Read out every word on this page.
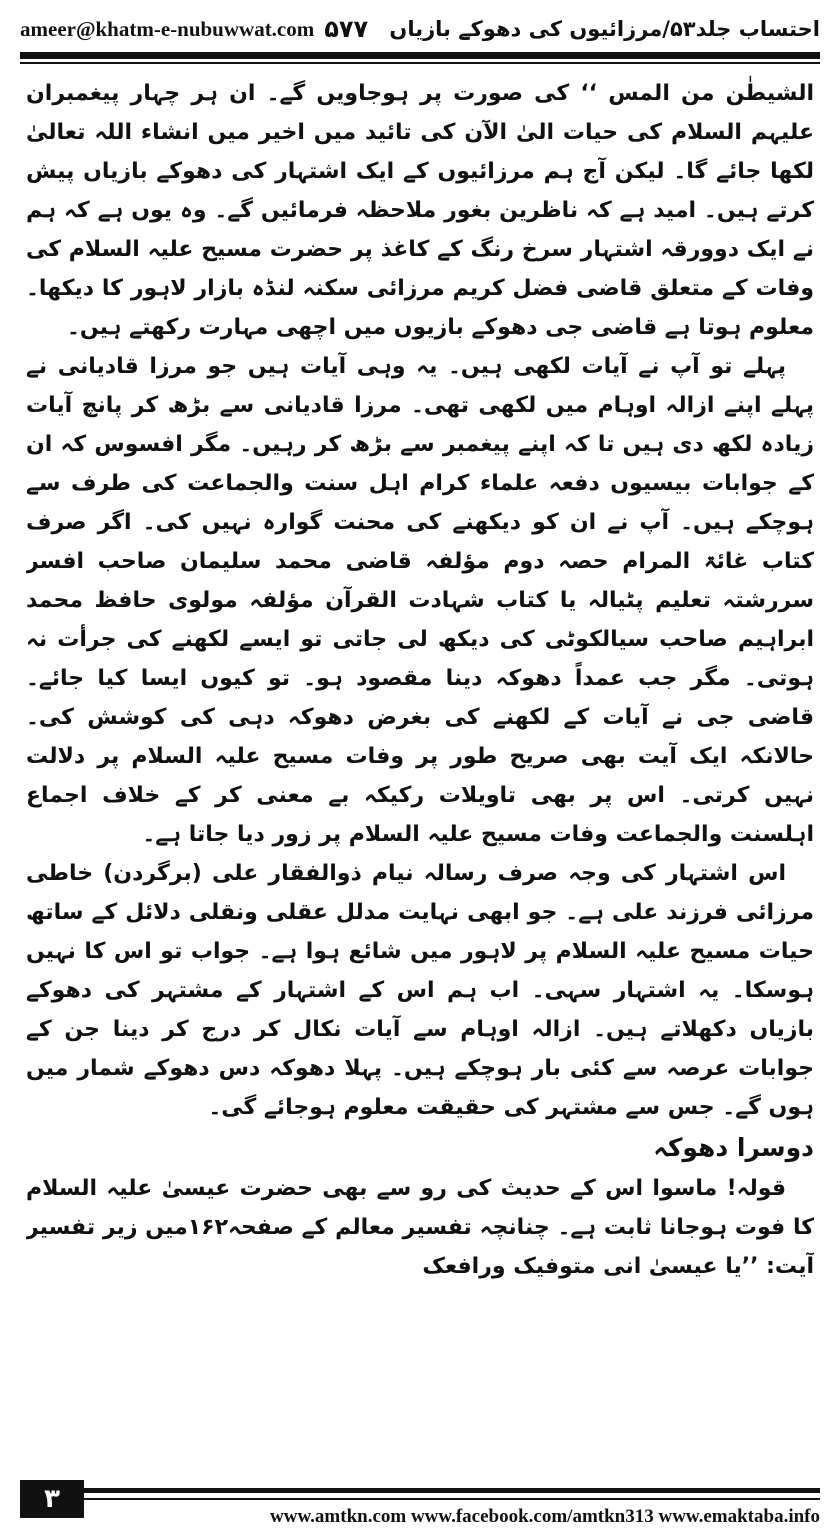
ameer@khatm-e-nubuwwat.com ۵۷۷ احتساب جلد۵۳/مرزائیوں کی دھوکے بازیاں

الشیطٰن من المس ‘‘ کی صورت پر ہوجاویں گے۔ ان ہر چہار پیغمبران علیہم السلام کی حیات الیٰ الآن کی تائید میں اخیر میں انشاء اللہ تعالیٰ لکھا جائے گا۔ لیکن آج ہم مرزائیوں کے ایک اشتہار کی دھوکے بازیاں پیش کرتے ہیں۔ امید ہے کہ ناظرین بغور ملاحظہ فرمائیں گے۔ وہ یوں ہے کہ ہم نے ایک دوورقہ اشتہار سرخ رنگ کے کاغذ پر حضرت مسیح علیہ السلام کی وفات کے متعلق قاضی فضل کریم مرزائی سکنہ لنڈہ بازار لاہور کا دیکھا۔ معلوم ہوتا ہے قاضی جی دھوکے بازیوں میں اچھی مہارت رکھتے ہیں۔

پہلے تو آپ نے آیات لکھی ہیں۔ یہ وہی آیات ہیں جو مرزا قادیانی نے پہلے اپنے ازالہ اوہام میں لکھی تھی۔ مرزا قادیانی سے بڑھ کر پانچ آیات زیادہ لکھ دی ہیں تا کہ اپنے پیغمبر سے بڑھ کر رہیں۔ مگر افسوس کہ ان کے جوابات بیسیوں دفعہ علماء کرام اہل سنت والجماعت کی طرف سے ہوچکے ہیں۔ آپ نے ان کو دیکھنے کی محنت گوارہ نہیں کی۔ اگر صرف کتاب غائۃ المرام حصہ دوم مؤلفہ قاضی محمد سلیمان صاحب افسر سررشتہ تعلیم پٹیالہ یا کتاب شہادت القرآن مؤلفہ مولوی حافظ محمد ابراہیم صاحب سیالکوٹی کی دیکھ لی جاتی تو ایسے لکھنے کی جرأت نہ ہوتی۔ مگر جب عمداً دھوکہ دینا مقصود ہو۔ تو کیوں ایسا کیا جائے۔ قاضی جی نے آیات کے لکھنے کی بغرض دھوکہ دہی کی کوشش کی۔ حالانکہ ایک آیت بھی صریح طور پر وفات مسیح علیہ السلام پر دلالت نہیں کرتی۔ اس پر بھی تاویلات رکیکہ بے معنی کر کے خلاف اجماع اہلسنت والجماعت وفات مسیح علیہ السلام پر زور دیا جاتا ہے۔

اس اشتہار کی وجہ صرف رسالہ نیام ذوالفقار علی (برگردن) خاطی مرزائی فرزند علی ہے۔ جو ابھی نہایت مدلل عقلی ونقلی دلائل کے ساتھ حیات مسیح علیہ السلام پر لاہور میں شائع ہوا ہے۔ جواب تو اس کا نہیں ہوسکا۔ یہ اشتہار سہی۔ اب ہم اس کے اشتہار کے مشتہر کی دھوکے بازیاں دکھلاتے ہیں۔ ازالہ اوہام سے آیات نکال کر درج کر دینا جن کے جوابات عرصہ سے کئی بار ہوچکے ہیں۔ پہلا دھوکہ دس دھوکے شمار میں ہوں گے۔ جس سے مشتہر کی حقیقت معلوم ہوجائے گی۔

دوسرا دھوکہ

قولہ! ماسوا اس کے حدیث کی رو سے بھی حضرت عیسیٰ علیہ السلام کا فوت ہوجانا ثابت ہے۔ چنانچہ تفسیر معالم کے صفحہ۱۶۲میں زیر تفسیر آیت: ’’یا عیسیٰ انی متوفیک ورافعک

۳
www.amtkn.com www.facebook.com/amtkn313 www.emaktaba.info
